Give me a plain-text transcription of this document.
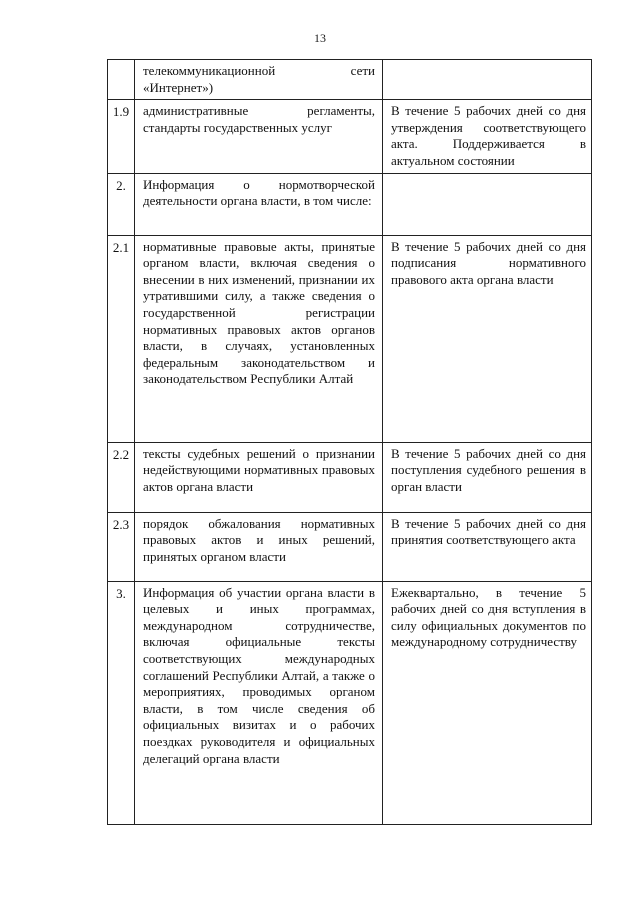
13

	телекоммуникационной сети «Интернет»)	

1.9	административные регламенты, стандарты государственных услуг	В течение 5 рабочих дней со дня утверждения соответствующего акта. Поддерживается в актуальном состоянии

2.	Информация о нормотворческой деятельности органа власти, в том числе:	

2.1	нормативные правовые акты, принятые органом власти, включая сведения о внесении в них изменений, признании их утратившими силу, а также сведения о государственной регистрации нормативных правовых актов органов власти, в случаях, установленных федеральным законодательством и законодательством Республики Алтай	В течение 5 рабочих дней со дня подписания нормативного правового акта органа власти

2.2	тексты судебных решений о признании недействующими нормативных правовых актов органа власти	В течение 5 рабочих дней со дня поступления судебного решения в орган власти

2.3	порядок обжалования нормативных правовых актов и иных решений, принятых органом власти	В течение 5 рабочих дней со дня принятия соответствующего акта

3.	Информация об участии органа власти в целевых и иных программах, международном сотрудничестве, включая официальные тексты соответствующих международных соглашений Республики Алтай, а также о мероприятиях, проводимых органом власти, в том числе сведения об официальных визитах и о рабочих поездках руководителя и официальных делегаций органа власти	Ежеквартально, в течение 5 рабочих дней со дня вступления в силу официальных документов по международному сотрудничеству
